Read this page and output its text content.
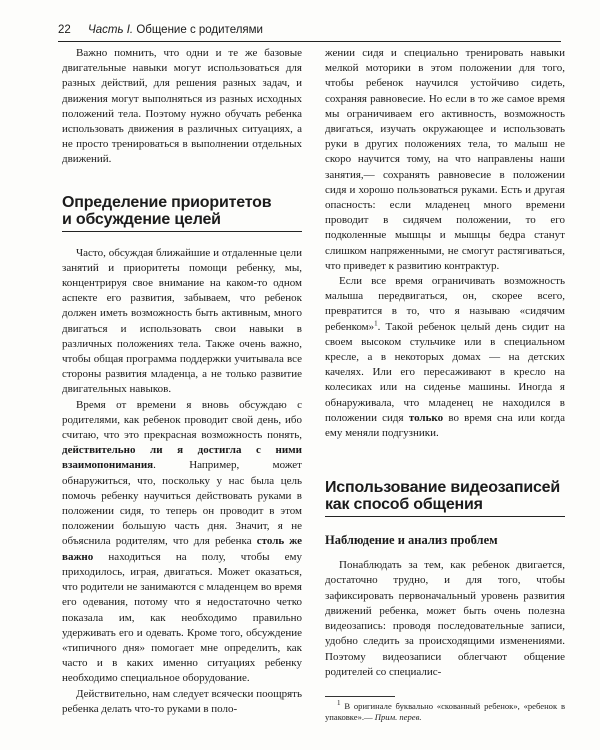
22 Часть I. Общение с родителями

Важно помнить, что одни и те же базовые двигательные навыки могут использоваться для разных действий, для решения разных задач, и движения могут выполняться из разных исходных положений тела. Поэтому нужно обучать ребенка использовать движения в различных ситуациях, а не просто тренироваться в выполнении отдельных движений.

Определение приоритетов
и обсуждение целей

Часто, обсуждая ближайшие и отдаленные цели занятий и приоритеты помощи ребенку, мы, концентрируя свое внимание на каком-то одном аспекте его развития, забываем, что ребенок должен иметь возможность быть активным, много двигаться и использовать свои навыки в различных положениях тела. Также очень важно, чтобы общая программа поддержки учитывала все стороны развития младенца, а не только развитие двигательных навыков.

Время от времени я вновь обсуждаю с родителями, как ребенок проводит свой день, ибо считаю, что это прекрасная возможность понять, действительно ли я достигла с ними взаимопонимания. Например, может обнаружиться, что, поскольку у нас была цель помочь ребенку научиться действовать руками в положении сидя, то теперь он проводит в этом положении большую часть дня. Значит, я не объяснила родителям, что для ребенка столь же важно находиться на полу, чтобы ему приходилось, играя, двигаться. Может оказаться, что родители не занимаются с младенцем во время его одевания, потому что я недостаточно четко показала им, как необходимо правильно удерживать его и одевать. Кроме того, обсуждение «типичного дня» помогает мне определить, как часто и в каких именно ситуациях ребенку необходимо специальное оборудование.

Действительно, нам следует всячески поощрять ребенка делать что-то руками в поло-

жении сидя и специально тренировать навыки мелкой моторики в этом положении для того, чтобы ребенок научился устойчиво сидеть, сохраняя равновесие. Но если в то же самое время мы ограничиваем его активность, возможность двигаться, изучать окружающее и использовать руки в других положениях тела, то малыш не скоро научится тому, на что направлены наши занятия,— сохранять равновесие в положении сидя и хорошо пользоваться руками. Есть и другая опасность: если младенец много времени проводит в сидячем положении, то его подколенные мышцы и мышцы бедра станут слишком напряженными, не смогут растягиваться, что приведет к развитию контрактур.

Если все время ограничивать возможность малыша передвигаться, он, скорее всего, превратится в то, что я называю «сидячим ребенком»$^1$. Такой ребенок целый день сидит на своем высоком стульчике или в специальном кресле, а в некоторых домах — на детских качелях. Или его пересаживают в кресло на колесиках или на сиденье машины. Иногда я обнаруживала, что младенец не находился в положении сидя только во время сна или когда ему меняли подгузники.

Использование видеозаписей
как способ общения
Наблюдение и анализ проблем

Понаблюдать за тем, как ребенок двигается, достаточно трудно, и для того, чтобы зафиксировать первоначальный уровень развития движений ребенка, может быть очень полезна видеозапись: проводя последовательные записи, удобно следить за происходящими изменениями. Поэтому видеозаписи облегчают общение родителей со специалис-

$^1$ В оригинале буквально «скованный ребенок», «ребенок в упаковке».— Прим. перев.
